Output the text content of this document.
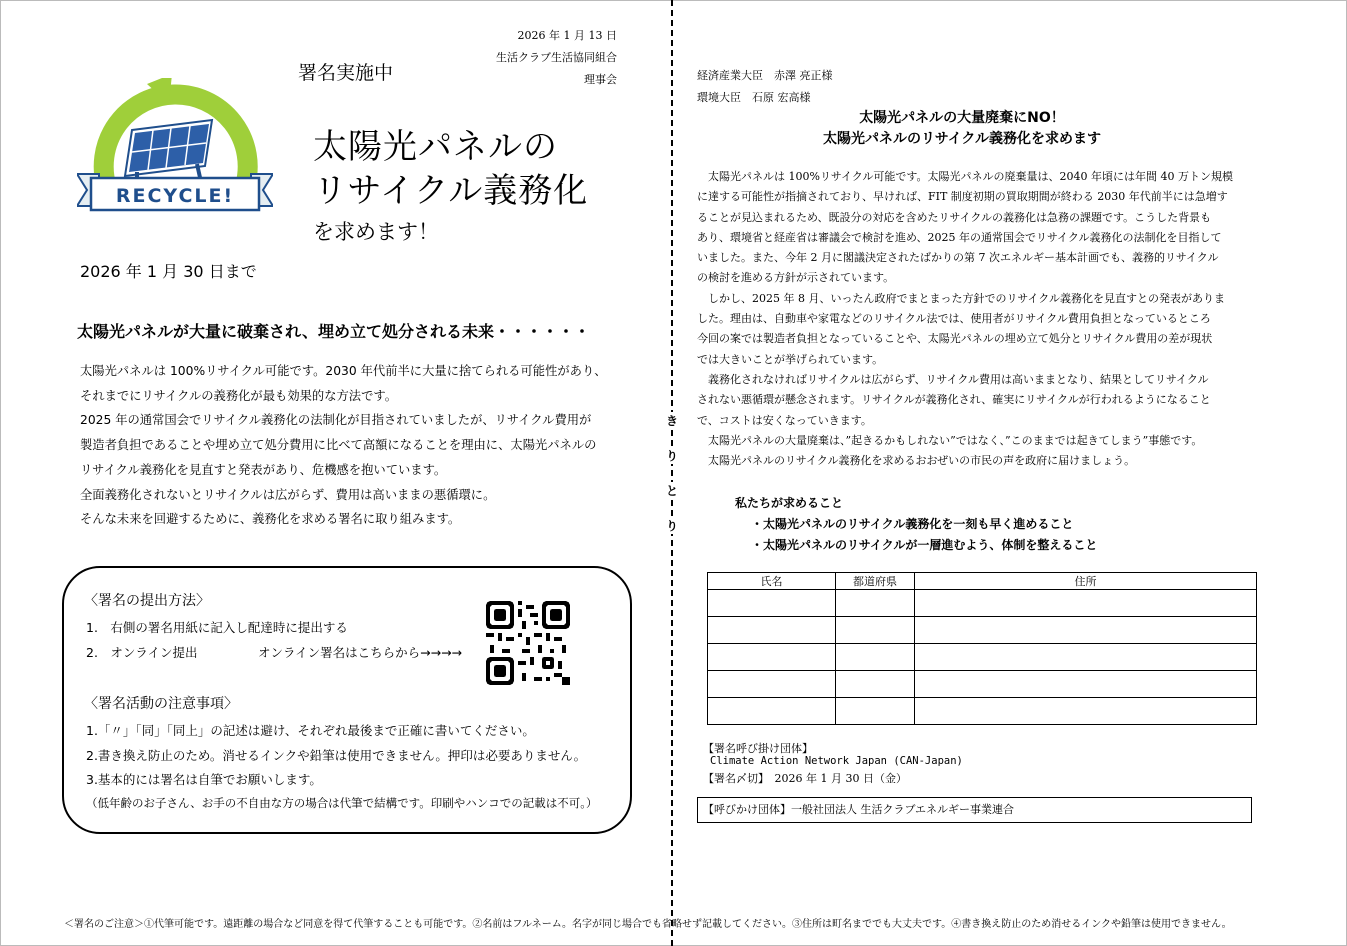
2026 年 1 月 13 日
生活クラブ生活協同組合
理事会
署名実施中
RECYCLE!
太陽光パネルの
リサイクル義務化
を求めます！
2026 年 1 月 30 日まで
太陽光パネルが大量に破棄され、埋め立て処分される未来・・・・・・

太陽光パネルは 100%リサイクル可能です。2030 年代前半に大量に捨てられる可能性があり、

それまでにリサイクルの義務化が最も効果的な方法です。

2025 年の通常国会でリサイクル義務化の法制化が目指されていましたが、リサイクル費用が

製造者負担であることや埋め立て処分費用に比べて高額になることを理由に、太陽光パネルの

リサイクル義務化を見直すと発表があり、危機感を抱いています。

全面義務化されないとリサイクルは広がらず、費用は高いままの悪循環に。

そんな未来を回避するために、義務化を求める署名に取り組みます。

〈署名の提出方法〉
1.　右側の署名用紙に記入し配達時に提出する
2.　オンライン提出	オンライン署名はこちらから→→→→
〈署名活動の注意事項〉
1.「〃」「同」「同上」の記述は避け、それぞれ最後まで正確に書いてください。
2.書き換え防止のため。消せるインクや鉛筆は使用できません。押印は必要ありません。
3.基本的には署名は自筆でお願いします。
（低年齢のお子さん、お手の不自由な方の場合は代筆で結構です。印刷やハンコでの記載は不可。）
き
り
と
り
経済産業大臣　赤澤 亮正様
環境大臣　石原 宏高様
太陽光パネルの大量廃棄にNO！
太陽光パネルのリサイクル義務化を求めます

太陽光パネルは 100%リサイクル可能です。太陽光パネルの廃棄量は、2040 年頃には年間 40 万トン規模

に達する可能性が指摘されており、早ければ、FIT 制度初期の買取期間が終わる 2030 年代前半には急増す

ることが見込まれるため、既設分の対応を含めたリサイクルの義務化は急務の課題です。こうした背景も

あり、環境省と経産省は審議会で検討を進め、2025 年の通常国会でリサイクル義務化の法制化を目指して

いました。また、今年 2 月に閣議決定されたばかりの第 7 次エネルギー基本計画でも、義務的リサイクル

の検討を進める方針が示されています。

しかし、2025 年 8 月、いったん政府でまとまった方針でのリサイクル義務化を見直すとの発表がありま

した。理由は、自動車や家電などのリサイクル法では、使用者がリサイクル費用負担となっているところ

今回の案では製造者負担となっていることや、太陽光パネルの埋め立て処分とリサイクル費用の差が現状

では大きいことが挙げられています。

義務化されなければリサイクルは広がらず、リサイクル費用は高いままとなり、結果としてリサイクル

されない悪循環が懸念されます。リサイクルが義務化され、確実にリサイクルが行われるようになること

で、コストは安くなっていきます。

太陽光パネルの大量廃棄は、”起きるかもしれない”ではなく、”このままでは起きてしまう”事態です。

太陽光パネルのリサイクル義務化を求めるおおぜいの市民の声を政府に届けましょう。

私たちが求めること
・太陽光パネルのリサイクル義務化を一刻も早く進めること
・太陽光パネルのリサイクルが一層進むよう、体制を整えること
氏名	都道府県	住所

【署名呼び掛け団体】
Climate Action Network Japan (CAN-Japan)
【署名〆切】　2026 年 1 月 30 日（金）
【呼びかけ団体】一般社団法人 生活クラブエネルギー事業連合
＜署名のご注意＞①代筆可能です。遠距離の場合など同意を得て代筆することも可能です。②名前はフルネーム。名字が同じ場合でも省略せず記載してください。③住所は町名まででも大丈夫です。④書き換え防止のため消せるインクや鉛筆は使用できません。
